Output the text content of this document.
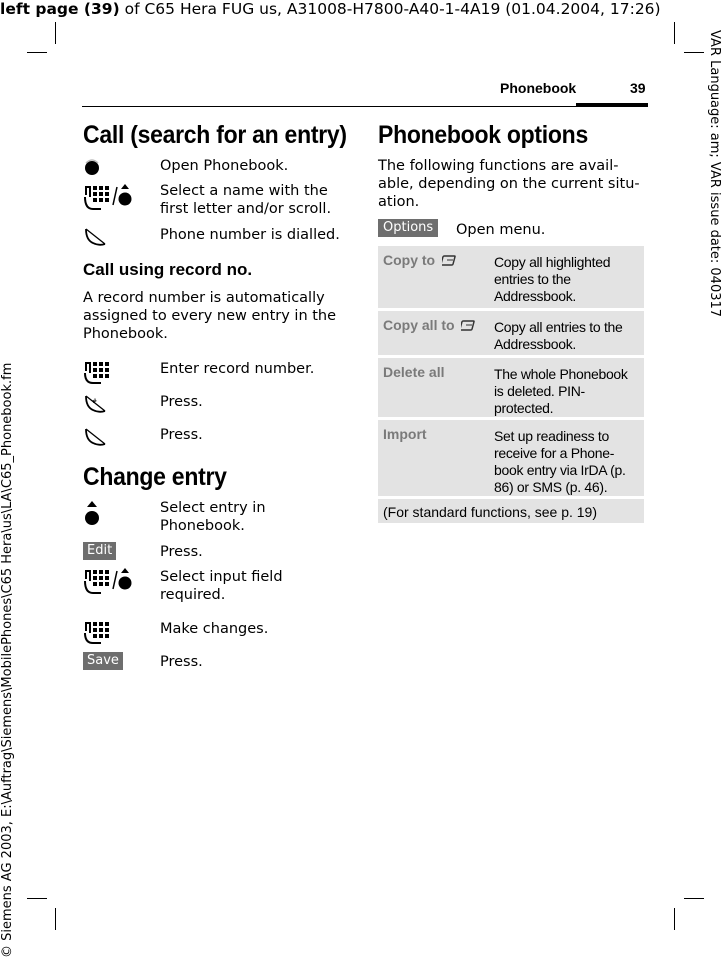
left page (39) of C65 Hera FUG us, A31008-H7800-A40-1-4A19 (01.04.2004, 17:26)
VAR Language: am; VAR issue date: 040317
© Siemens AG 2003, E:\Auftrag\Siemens\MobilePhones\C65 Hera\us\LA\C65_Phonebook.fm
Phonebook	39
Call (search for an entry)
Open Phonebook.
Select a name with the first letter and/or scroll.
Phone number is dialled.
Call using record no.
A record number is automatically assigned to every new entry in the Phonebook.
Enter record number.
#	Press.
Press.
Change entry
Select entry in Phonebook.
Edit	Press.
Select input field required.
Make changes.
Save	Press.
Phonebook options
The following functions are avail-
able, depending on the current situ-
ation.
Options	Open menu.
Copy to	Copy all highlighted entries to the Addressbook.
Copy all to	Copy all entries to the Addressbook.
Delete all	The whole Phonebook is deleted. PIN-protected.
Import	Set up readiness to receive for a Phone-book entry via IrDA (p. 86) or SMS (p. 46).
(For standard functions, see p. 19)
